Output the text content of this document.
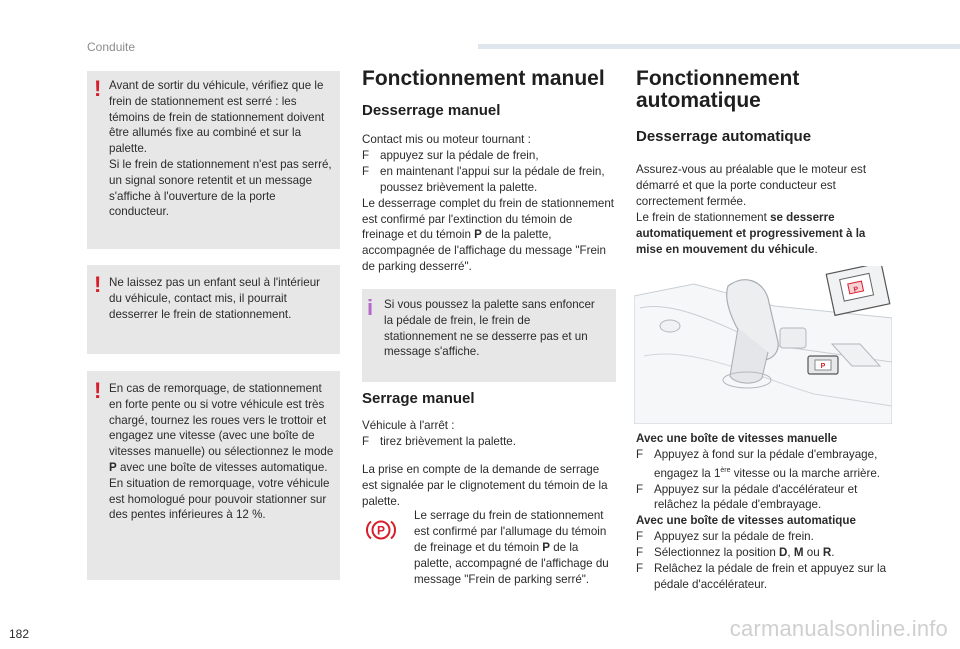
Conduite
! Avant de sortir du véhicule, vérifiez que le frein de stationnement est serré : les témoins de frein de stationnement doivent être allumés fixe au combiné et sur la palette.

Si le frein de stationnement n'est pas serré, un signal sonore retentit et un message s'affiche à l'ouverture de la porte conducteur.

! Ne laissez pas un enfant seul à l'intérieur du véhicule, contact mis, il pourrait desserrer le frein de stationnement.

! En cas de remorquage, de stationnement en forte pente ou si votre véhicule est très chargé, tournez les roues vers le trottoir et engagez une vitesse (avec une boîte de vitesses manuelle) ou sélectionnez le mode P avec une boîte de vitesses automatique.

En situation de remorquage, votre véhicule est homologué pour pouvoir stationner sur des pentes inférieures à 12 %.

Fonctionnement manuel
Desserrage manuel

Contact mis ou moteur tournant :

F appuyez sur la pédale de frein,
F en maintenant l'appui sur la pédale de frein, poussez brièvement la palette.

Le desserrage complet du frein de stationnement est confirmé par l'extinction du témoin de freinage et du témoin P de la palette, accompagnée de l'affichage du message "Frein de parking desserré".

i Si vous poussez la palette sans enfoncer la pédale de frein, le frein de stationnement ne se desserre pas et un message s'affiche.

Serrage manuel

Véhicule à l'arrêt :

F tirez brièvement la palette.

La prise en compte de la demande de serrage est signalée par le clignotement du témoin de la palette.

P

Le serrage du frein de stationnement est confirmé par l'allumage du témoin de freinage et du témoin P de la palette, accompagné de l'affichage du message "Frein de parking serré".

Fonctionnement automatique
Desserrage automatique

Assurez-vous au préalable que le moteur est démarré et que la porte conducteur est correctement fermée.

Le frein de stationnement se desserre automatiquement et progressivement à la mise en mouvement du véhicule.

P
P

Avec une boîte de vitesses manuelle

F Appuyez à fond sur la pédale d'embrayage, engagez la 1ère vitesse ou la marche arrière.
F Appuyez sur la pédale d'accélérateur et relâchez la pédale d'embrayage.

Avec une boîte de vitesses automatique

F Appuyez sur la pédale de frein.
F Sélectionnez la position D, M ou R.
F Relâchez la pédale de frein et appuyez sur la pédale d'accélérateur.
182	carmanualsonline.info
